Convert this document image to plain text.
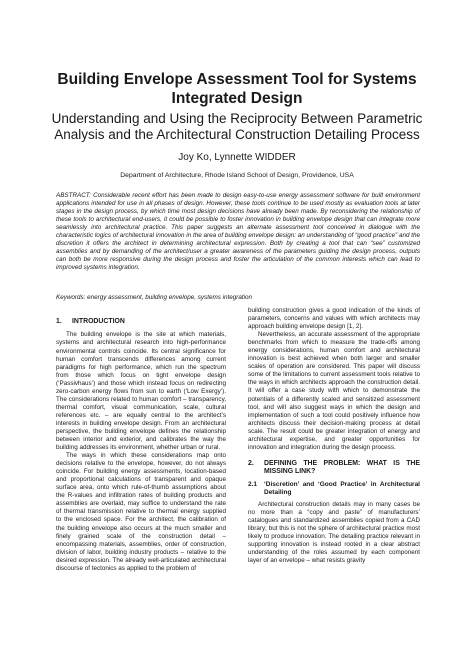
Building Envelope Assessment Tool for Systems Integrated Design
Understanding and Using the Reciprocity Between Parametric Analysis and the Architectural Construction Detailing Process
Joy Ko, Lynnette WIDDER
Department of Architecture, Rhode Island School of Design, Providence, USA

ABSTRACT: Considerable recent effort has been made to design easy-to-use energy assessment software for built environment applications intended for use in all phases of design. However, these tools continue to be used mostly as evaluation tools at later stages in the design process, by which time most design decisions have already been made. By reconsidering the relationship of these tools to architectural end-users, it could be possible to foster innovation in building envelope design that can integrate more seamlessly into architectural practice. This paper suggests an alternate assessment tool conceived in dialogue with the characteristic logics of architectural innovation in the area of building envelope design: an understanding of “good practice” and the discretion it offers the architect in determining architectural expression. Both by creating a tool that can “see” customized assemblies and by demanding of the architect/user a greater awareness of the parameters guiding the design process, outputs can both be more responsive during the design process and foster the articulation of the common interests which can lead to improved systems integration.

Keywords: energy assessment, building envelope, systems integration

1. INTRODUCTION

The building envelope is the site at which materials, systems and architectural research into high-performance environmental controls coincide. Its central significance for human comfort transcends differences among current paradigms for high performance, which run the spectrum from those which focus on tight envelope design (‘Passivhaus’) and those which instead focus on redirecting zero-carbon energy flows from sun to earth (‘Low Exergy’). The considerations related to human comfort – transparency, thermal comfort, visual communication, scale, cultural references etc. – are equally central to the architect’s interests in building envelope design. From an architectural perspective, the building envelope defines the relationship between interior and exterior, and calibrates the way the building addresses its environment, whether urban or rural.

The ways in which these considerations map onto decisions relative to the envelope, however, do not always coincide. For building energy assessments, location-based and proportional calculations of transparent and opaque surface area, onto which rule-of-thumb assumptions about the R-values and infiltration rates of building products and assemblies are overlaid, may suffice to understand the rate of thermal transmission relative to thermal energy supplied to the enclosed space. For the architect, the calibration of the building envelope also occurs at the much smaller and finely grained scale of the construction detail – encompassing materials, assemblies, order of construction, division of labor, building industry products – relative to the desired expression. The already well-articulated architectural discourse of tectonics as applied to the problem of

building construction gives a good indication of the kinds of parameters, concerns and values with which architects may approach building envelope design [1, 2].

Nevertheless, an accurate assessment of the appropriate benchmarks from which to measure the trade-offs among energy considerations, human comfort and architectural innovation is best achieved when both larger and smaller scales of operation are considered. This paper will discuss some of the limitations to current assessment tools relative to the ways in which architects approach the construction detail. It will offer a case study with which to demonstrate the potentials of a differently scaled and sensitized assessment tool, and will also suggest ways in which the design and implementation of such a tool could positively influence how architects discuss their decision-making process at detail scale. The result could be greater integration of energy and architectural expertise, and greater opportunities for innovation and integration during the design process.

2.	DEFINING THE PROBLEM: WHAT IS THE MISSING LINK?
2.1	‘Discretion’ and ‘Good Practice’ in Architectural Detailing

Architectural construction details may in many cases be no more than a “copy and paste” of manufacturers’ catalogues and standardized assemblies copied from a CAD library; but this is not the sphere of architectural practice most likely to produce innovation. The detailing practice relevant in supporting innovation is instead rooted in a clear abstract understanding of the roles assumed by each component layer of an envelope – what resists gravity
